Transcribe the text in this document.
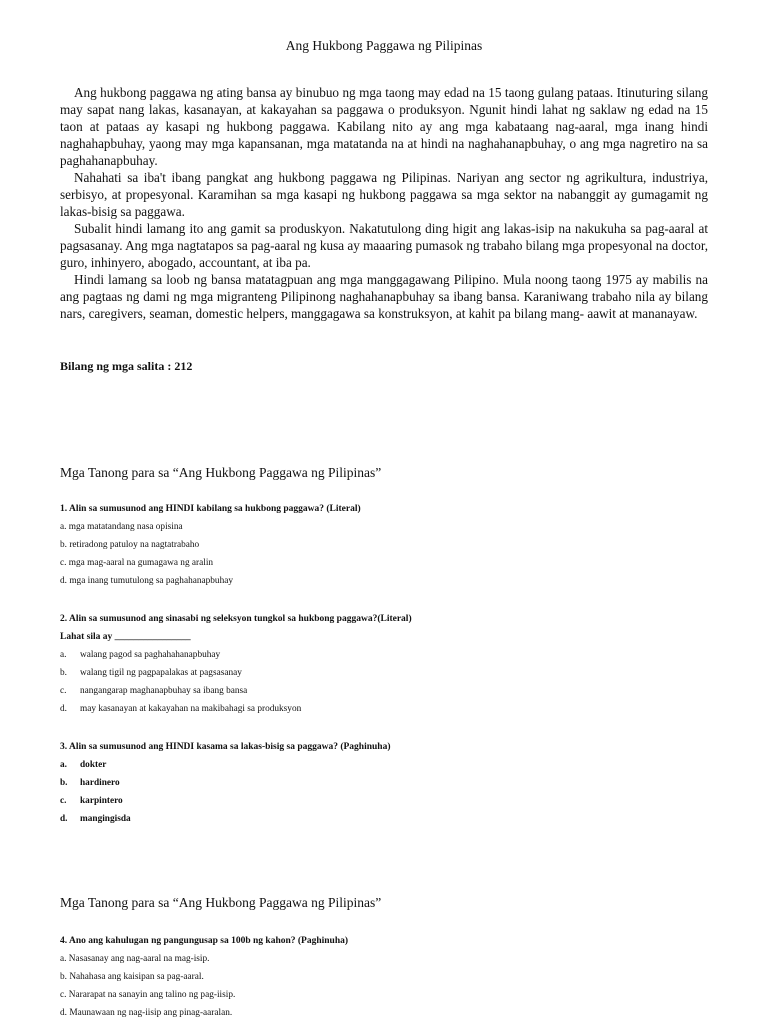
Ang Hukbong Paggawa ng Pilipinas

Ang hukbong paggawa ng ating bansa ay binubuo ng mga taong may edad na 15 taong gulang pataas. Itinuturing silang may sapat nang lakas, kasanayan, at kakayahan sa paggawa o produksyon. Ngunit hindi lahat ng saklaw ng edad na 15 taon at pataas ay kasapi ng hukbong paggawa. Kabilang nito ay ang mga kabataang nag-aaral, mga inang hindi naghahapbuhay, yaong may mga kapansanan, mga matatanda na at hindi na naghahanapbuhay, o ang mga nagretiro na sa paghahanapbuhay.

Nahahati sa iba't ibang pangkat ang hukbong paggawa ng Pilipinas. Nariyan ang sector ng agrikultura, industriya, serbisyo, at propesyonal. Karamihan sa mga kasapi ng hukbong paggawa sa mga sektor na nabanggit ay gumagamit ng lakas-bisig sa paggawa.

Subalit hindi lamang ito ang gamit sa produskyon. Nakatutulong ding higit ang lakas-isip na nakukuha sa pag-aaral at pagsasanay. Ang mga nagtatapos sa pag-aaral ng kusa ay maaaring pumasok ng trabaho bilang mga propesyonal na doctor, guro, inhinyero, abogado, accountant, at iba pa.

Hindi lamang sa loob ng bansa matatagpuan ang mga manggagawang Pilipino. Mula noong taong 1975 ay mabilis na ang pagtaas ng dami ng mga migranteng Pilipinong naghahanapbuhay sa ibang bansa. Karaniwang trabaho nila ay bilang nars, caregivers, seaman, domestic helpers, manggagawa sa konstruksyon, at kahit pa bilang mang- aawit at mananayaw.

Bilang ng mga salita : 212
Mga Tanong para sa “Ang Hukbong Paggawa ng Pilipinas”
1. Alin sa sumusunod ang HINDI kabilang sa hukbong paggawa? (Literal)
a. mga matatandang nasa opisina
b. retiradong patuloy na nagtatrabaho
c. mga mag-aaral na gumagawa ng aralin
d. mga inang tumutulong sa paghahanapbuhay
2. Alin sa sumusunod ang sinasabi ng seleksyon tungkol sa hukbong paggawa?(Literal)
Lahat sila ay ________________
a. walang pagod sa paghahahanapbuhay
b. walang tigil ng pagpapalakas at pagsasanay
c. nangangarap maghanapbuhay sa ibang bansa
d. may kasanayan at kakayahan na makibahagi sa produksyon
3. Alin sa sumusunod ang HINDI kasama sa lakas-bisig sa paggawa? (Paghinuha)
a. dokter
b. hardinero
c. karpintero
d. mangingisda
Mga Tanong para sa “Ang Hukbong Paggawa ng Pilipinas”
4. Ano ang kahulugan ng pangungusap sa 100b ng kahon? (Paghinuha)
a. Nasasanay ang nag-aaral na mag-isip.
b. Nahahasa ang kaisipan sa pag-aaral.
c. Nararapat na sanayin ang talino ng pag-iisip.
d. Maunawaan ng nag-iisip ang pinag-aaralan.
